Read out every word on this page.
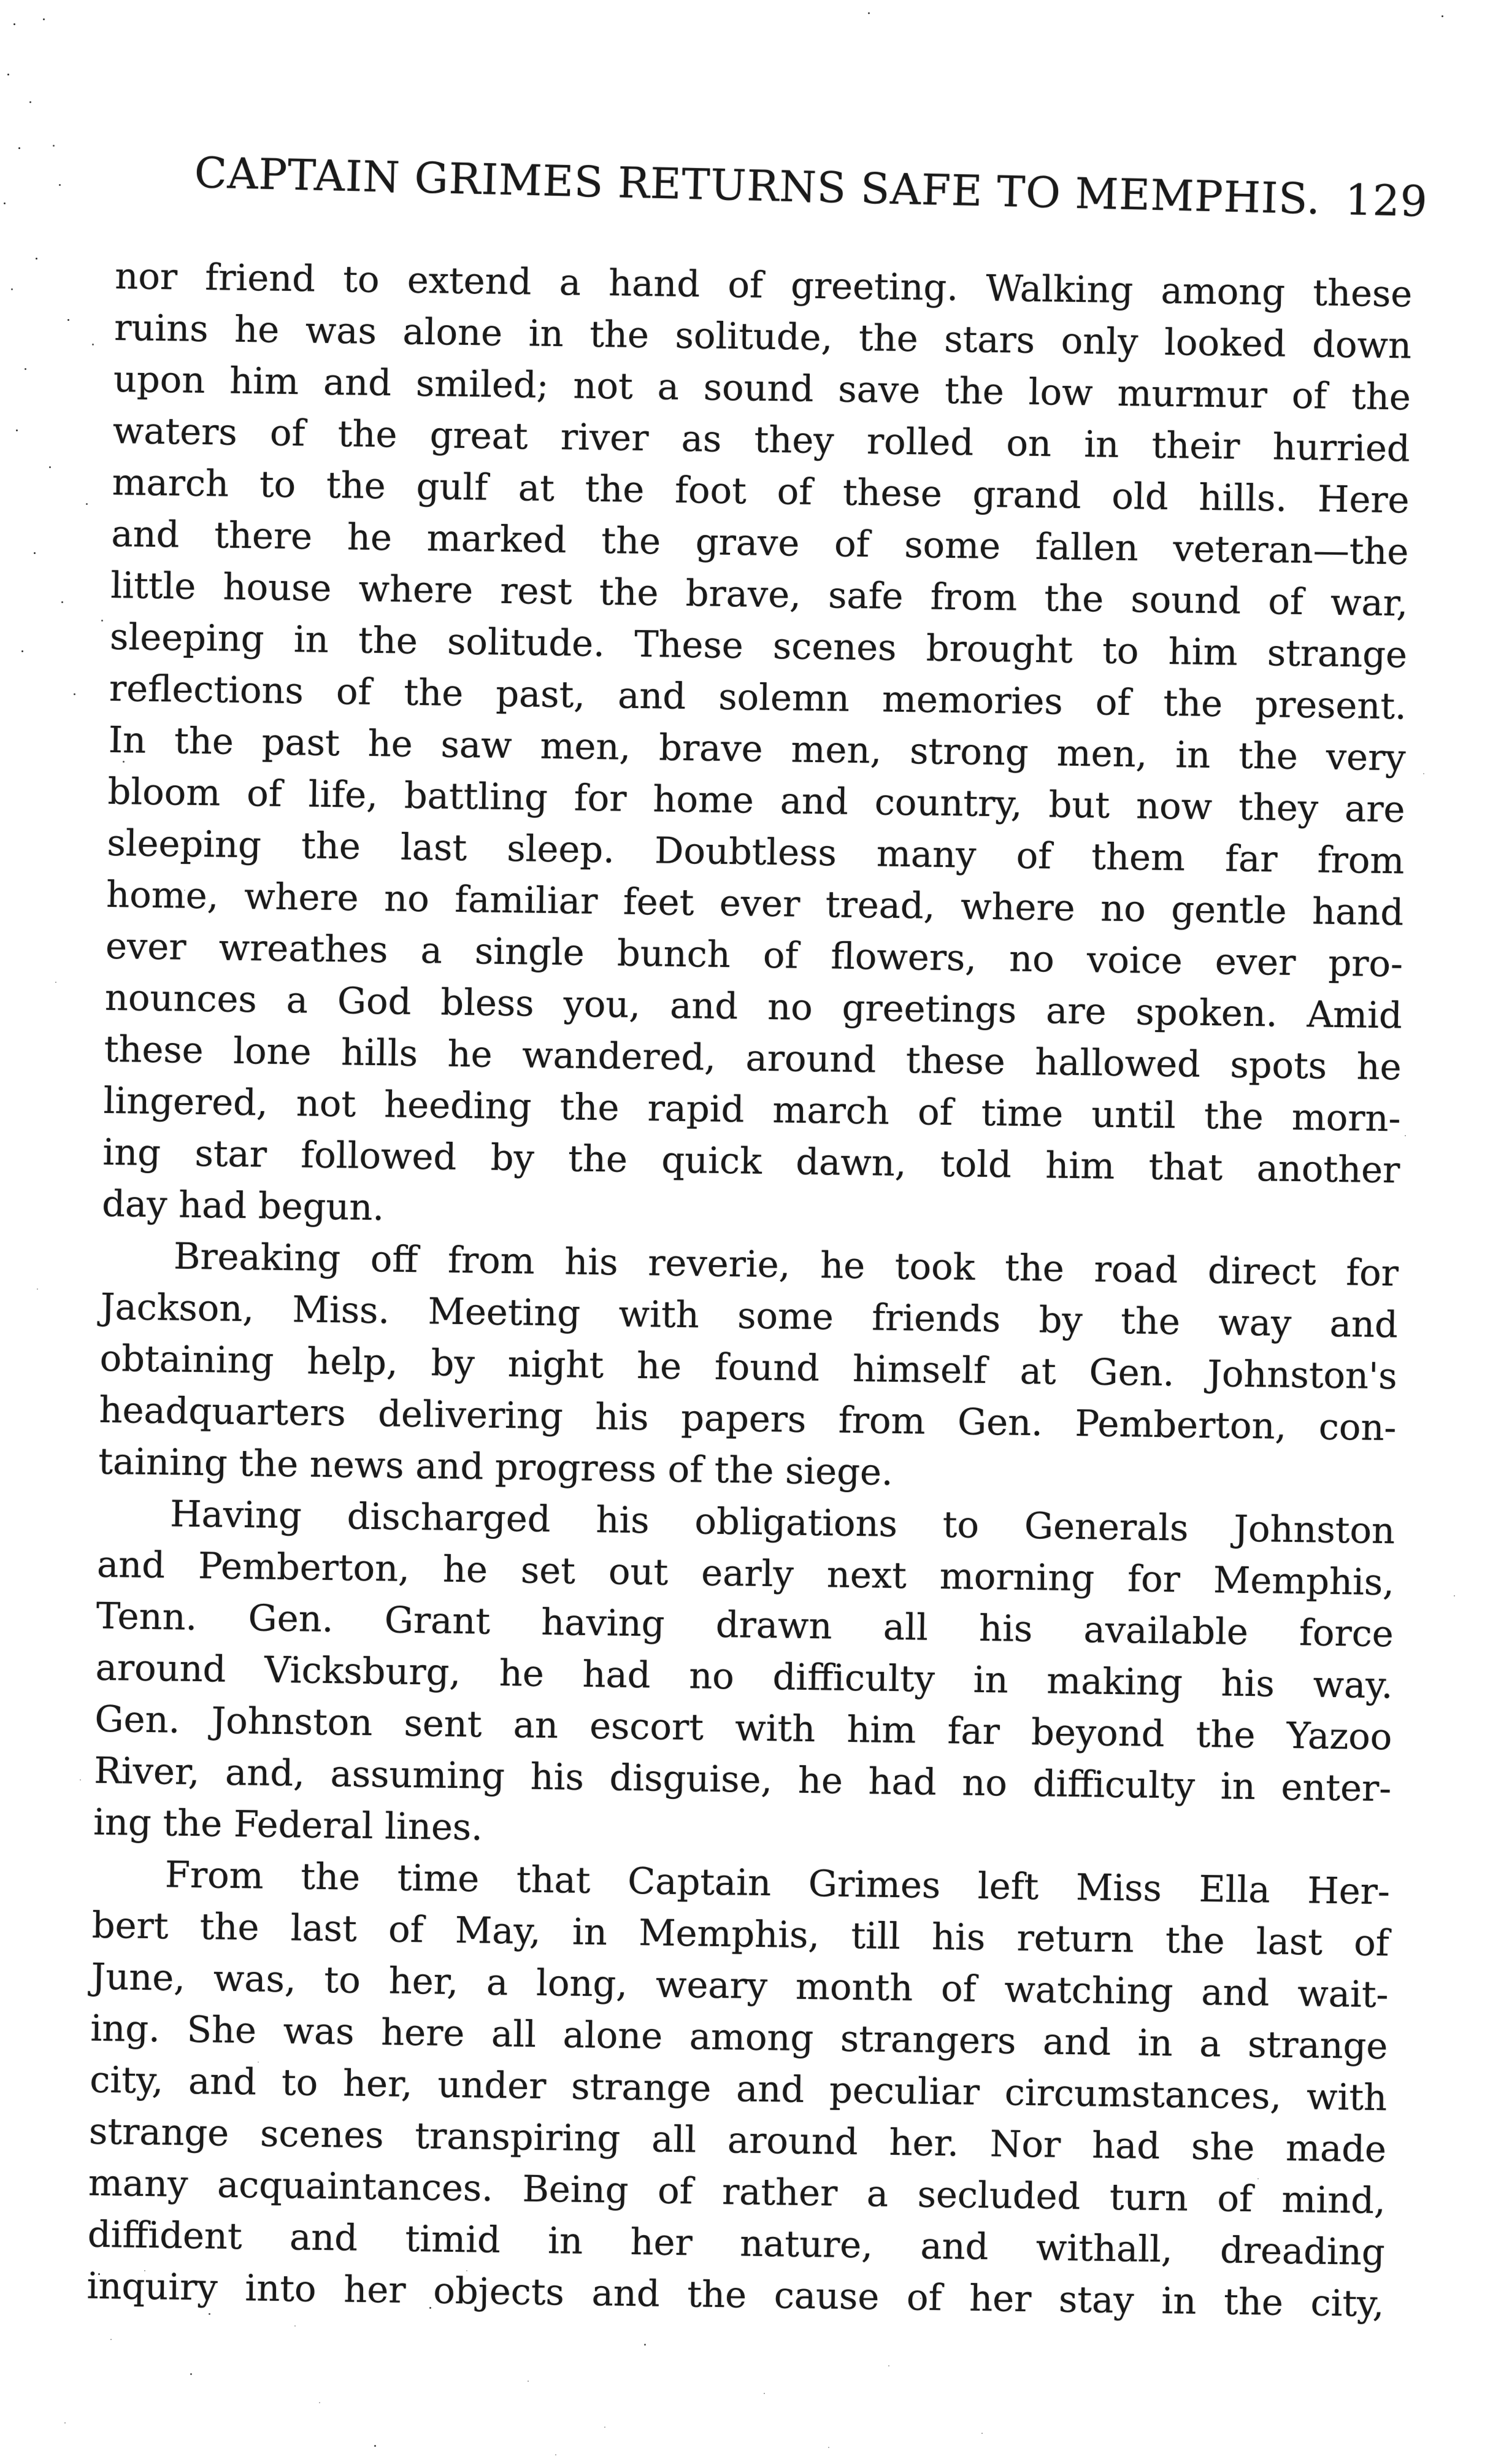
CAPTAIN GRIMES RETURNS SAFE TO MEMPHIS. 129
nor friend to extend a hand of greeting. Walking among these
ruins he was alone in the solitude, the stars only looked down
upon him and smiled; not a sound save the low murmur of the
waters of the great river as they rolled on in their hurried
march to the gulf at the foot of these grand old hills. Here
and there he marked the grave of some fallen veteran—the
little house where rest the brave, safe from the sound of war,
sleeping in the solitude. These scenes brought to him strange
reflections of the past, and solemn memories of the present.
In the past he saw men, brave men, strong men, in the very
bloom of life, battling for home and country, but now they are
sleeping the last sleep. Doubtless many of them far from
home, where no familiar feet ever tread, where no gentle hand
ever wreathes a single bunch of flowers, no voice ever pro-
nounces a God bless you, and no greetings are spoken. Amid
these lone hills he wandered, around these hallowed spots he
lingered, not heeding the rapid march of time until the morn-
ing star followed by the quick dawn, told him that another
day had begun.
Breaking off from his reverie, he took the road direct for
Jackson, Miss. Meeting with some friends by the way and
obtaining help, by night he found himself at Gen. Johnston's
headquarters delivering his papers from Gen. Pemberton, con-
taining the news and progress of the siege.
Having discharged his obligations to Generals Johnston
and Pemberton, he set out early next morning for Memphis,
Tenn. Gen. Grant having drawn all his available force
around Vicksburg, he had no difficulty in making his way.
Gen. Johnston sent an escort with him far beyond the Yazoo
River, and, assuming his disguise, he had no difficulty in enter-
ing the Federal lines.
From the time that Captain Grimes left Miss Ella Her-
bert the last of May, in Memphis, till his return the last of
June, was, to her, a long, weary month of watching and wait-
ing. She was here all alone among strangers and in a strange
city, and to her, under strange and peculiar circumstances, with
strange scenes transpiring all around her. Nor had she made
many acquaintances. Being of rather a secluded turn of mind,
diffident and timid in her nature, and withall, dreading
inquiry into her objects and the cause of her stay in the city,
